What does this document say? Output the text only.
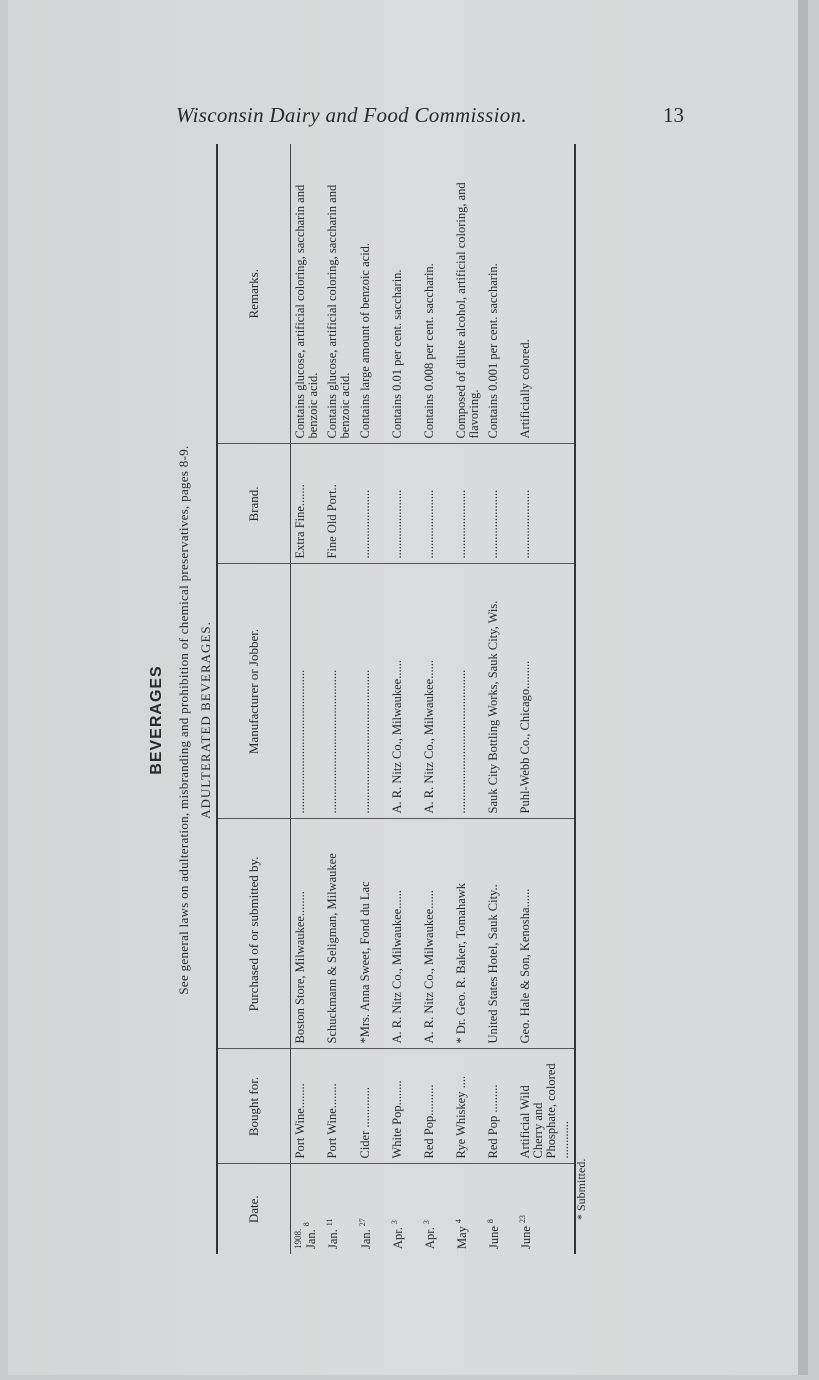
Wisconsin Dairy and Food Commission.	13
BEVERAGES See general laws on adulteration, misbranding and prohibition of chemical preservatives, pages 8-9. ADULTERATED BEVERAGES.
Date.	Bought for.	Purchased of or submitted by.	Manufacturer or Jobber.	Brand.	Remarks.

1908. Jan.$^8$	Port Wine........	Boston Store, Milwaukee........	..............................................	Extra Fine.......	Contains glucose, artificial coloring, saccharin and benzoic acid.

Jan.$^{11}$	Port Wine........	Schuckmann & Seligman, Milwaukee	..............................................	Fine Old Port..	Contains glucose, artificial coloring, saccharin and benzoic acid.

Jan.$^{27}$	Cider .............	*Mrs. Anna Sweet, Fond du Lac	..............................................	......................	Contains large amount of benzoic acid.

Apr.$^3$	White Pop........	A. R. Nitz Co., Milwaukee......	A. R. Nitz Co., Milwaukee......	......................	Contains 0.01 per cent. saccharin.

Apr.$^3$	Red Pop..........	A. R. Nitz Co., Milwaukee......	A. R. Nitz Co., Milwaukee......	......................	Contains 0.008 per cent. saccharin.

May$^4$	Rye Whiskey ....	* Dr. Geo. R. Baker, Tomahawk	..............................................	......................	Composed of dilute alcohol, artificial coloring, and flavoring.

June$^8$	Red Pop .........	United States Hotel, Sauk City..	Sauk City Bottling Works, Sauk City, Wis.	......................	Contains 0.001 per cent. saccharin.

June$^{23}$	Artificial Wild Cherry and Phosphate, colored ............	Geo. Hale & Son, Kenosha......	Puhl-Webb Co., Chicago.........	......................	Artificially colored.
* Submitted.
